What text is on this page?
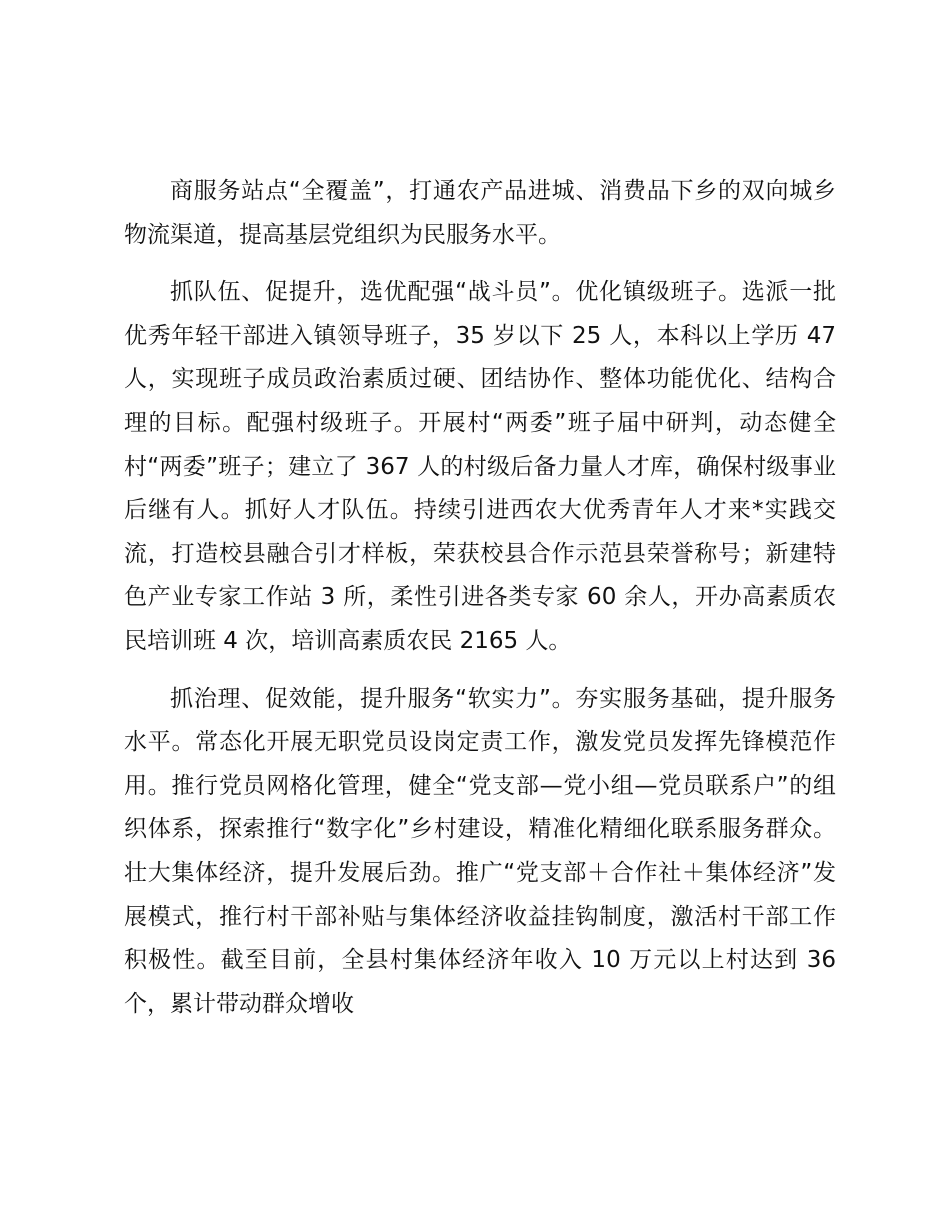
商服务站点“全覆盖”，打通农产品进城、消费品下乡的双向城乡物流渠道，提高基层党组织为民服务水平。

抓队伍、促提升，选优配强“战斗员”。优化镇级班子。选派一批优秀年轻干部进入镇领导班子，35 岁以下 25 人，本科以上学历 47 人，实现班子成员政治素质过硬、团结协作、整体功能优化、结构合理的目标。配强村级班子。开展村“两委”班子届中研判，动态健全村“两委”班子；建立了 367 人的村级后备力量人才库，确保村级事业后继有人。抓好人才队伍。持续引进西农大优秀青年人才来*实践交流，打造校县融合引才样板，荣获校县合作示范县荣誉称号；新建特色产业专家工作站 3 所，柔性引进各类专家 60 余人，开办高素质农民培训班 4 次，培训高素质农民 2165 人。

抓治理、促效能，提升服务“软实力”。夯实服务基础，提升服务水平。常态化开展无职党员设岗定责工作，激发党员发挥先锋模范作用。推行党员网格化管理，健全“党支部—党小组—党员联系户”的组织体系，探索推行“数字化”乡村建设，精准化精细化联系服务群众。壮大集体经济，提升发展后劲。推广“党支部＋合作社＋集体经济”发展模式，推行村干部补贴与集体经济收益挂钩制度，激活村干部工作积极性。截至目前，全县村集体经济年收入 10 万元以上村达到 36 个，累计带动群众增收
